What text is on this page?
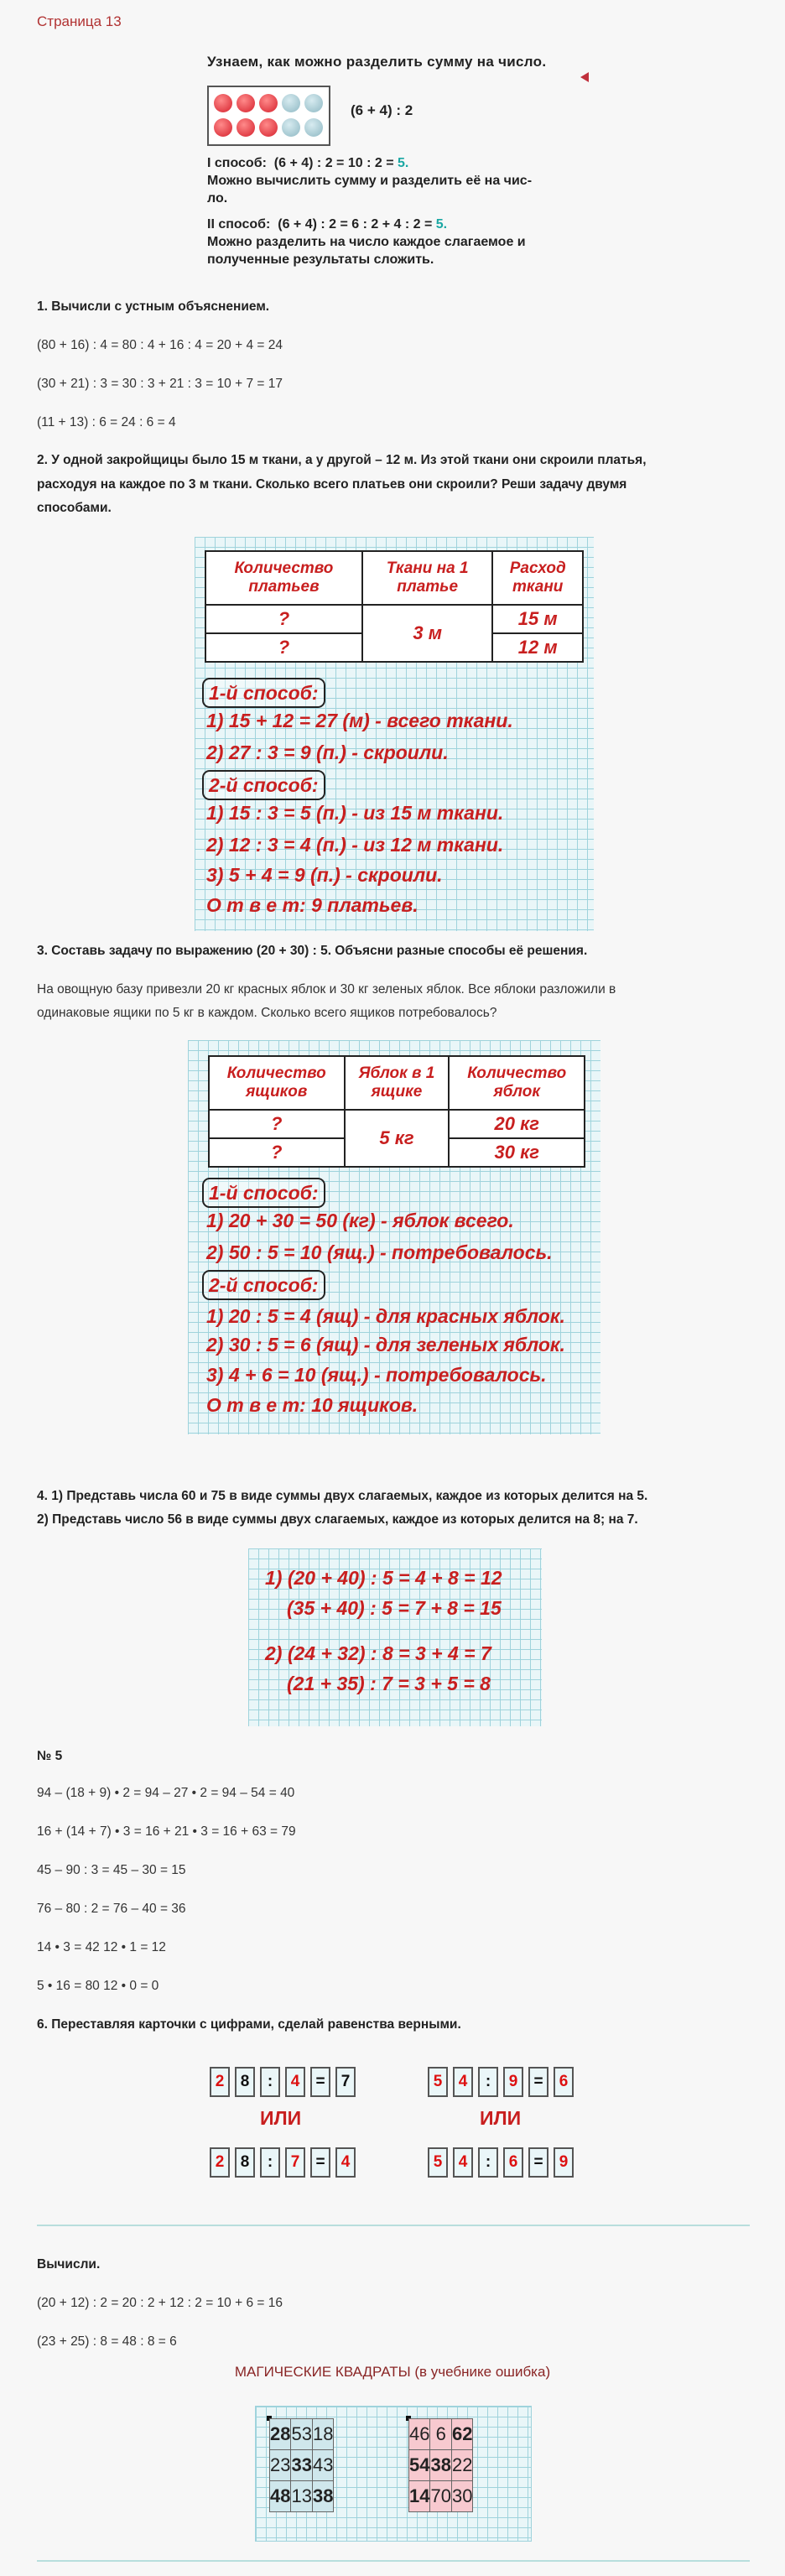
Страница 13
Узнаем, как можно разделить сумму на число.
(6 + 4) : 2
I способ: (6 + 4) : 2 = 10 : 2 = 5.
Можно вычислить сумму и разделить её на чис-
ло.
II способ: (6 + 4) : 2 = 6 : 2 + 4 : 2 = 5.
Можно разделить на число каждое слагаемое и
полученные результаты сложить.
1. Вычисли с устным объяснением.
(80 + 16) : 4 = 80 : 4 + 16 : 4 = 20 + 4 = 24
(30 + 21) : 3 = 30 : 3 + 21 : 3 = 10 + 7 = 17
(11 + 13) : 6 = 24 : 6 = 4
2. У одной закройщицы было 15 м ткани, а у другой – 12 м. Из этой ткани они скроили платья,
расходуя на каждое по 3 м ткани. Сколько всего платьев они скроили? Реши задачу двумя
способами.
Количество
платьев	Ткани на 1
платье	Расход
ткани
?	3 м	15 м
?		12 м
1-й способ:
1) 15 + 12 = 27 (м) - всего ткани.
2) 27 : 3 = 9 (п.) - скроили.
2-й способ:
1) 15 : 3 = 5 (п.) - из 15 м ткани.
2) 12 : 3 = 4 (п.) - из 12 м ткани.
3) 5 + 4 = 9 (п.) - скроили.
О т в е т: 9 платьев.
3. Составь задачу по выражению (20 + 30) : 5. Объясни разные способы её решения.
На овощную базу привезли 20 кг красных яблок и 30 кг зеленых яблок. Все яблоки разложили в
одинаковые ящики по 5 кг в каждом. Сколько всего ящиков потребовалось?
Количество
ящиков	Яблок в 1
ящике	Количество
яблок
?	5 кг	20 кг
?		30 кг
1-й способ:
1) 20 + 30 = 50 (кг) - яблок всего.
2) 50 : 5 = 10 (ящ.) - потребовалось.
2-й способ:
1) 20 : 5 = 4 (ящ) - для красных яблок.
2) 30 : 5 = 6 (ящ) - для зеленых яблок.
3) 4 + 6 = 10 (ящ.) - потребовалось.
О т в е т: 10 ящиков.
4. 1) Представь числа 60 и 75 в виде суммы двух слагаемых, каждое из которых делится на 5.
2) Представь число 56 в виде суммы двух слагаемых, каждое из которых делится на 8; на 7.
1) (20 + 40) : 5 = 4 + 8 = 12
(35 + 40) : 5 = 7 + 8 = 15
2) (24 + 32) : 8 = 3 + 4 = 7
(21 + 35) : 7 = 3 + 5 = 8
№ 5
94 – (18 + 9) • 2 = 94 – 27 • 2 = 94 – 54 = 40
16 + (14 + 7) • 3 = 16 + 21 • 3 = 16 + 63 = 79
45 – 90 : 3 = 45 – 30 = 15
76 – 80 : 2 = 76 – 40 = 36
14 • 3 = 42 12 • 1 = 12
5 • 16 = 80 12 • 0 = 0
6. Переставляя карточки с цифрами, сделай равенства верными.
2	8	:	4	=	7	5	4	:	9	=	6
ИЛИ	ИЛИ
2	8	:	7	=	4	5	4	:	6	=	9
Вычисли.
(20 + 12) : 2 = 20 : 2 + 12 : 2 = 10 + 6 = 16
(23 + 25) : 8 = 48 : 8 = 6
МАГИЧЕСКИЕ КВАДРАТЫ (в учебнике ошибка)
28	53	18
23	33	43
48	13	38
46	6	62
54	38	22
14	70	30
